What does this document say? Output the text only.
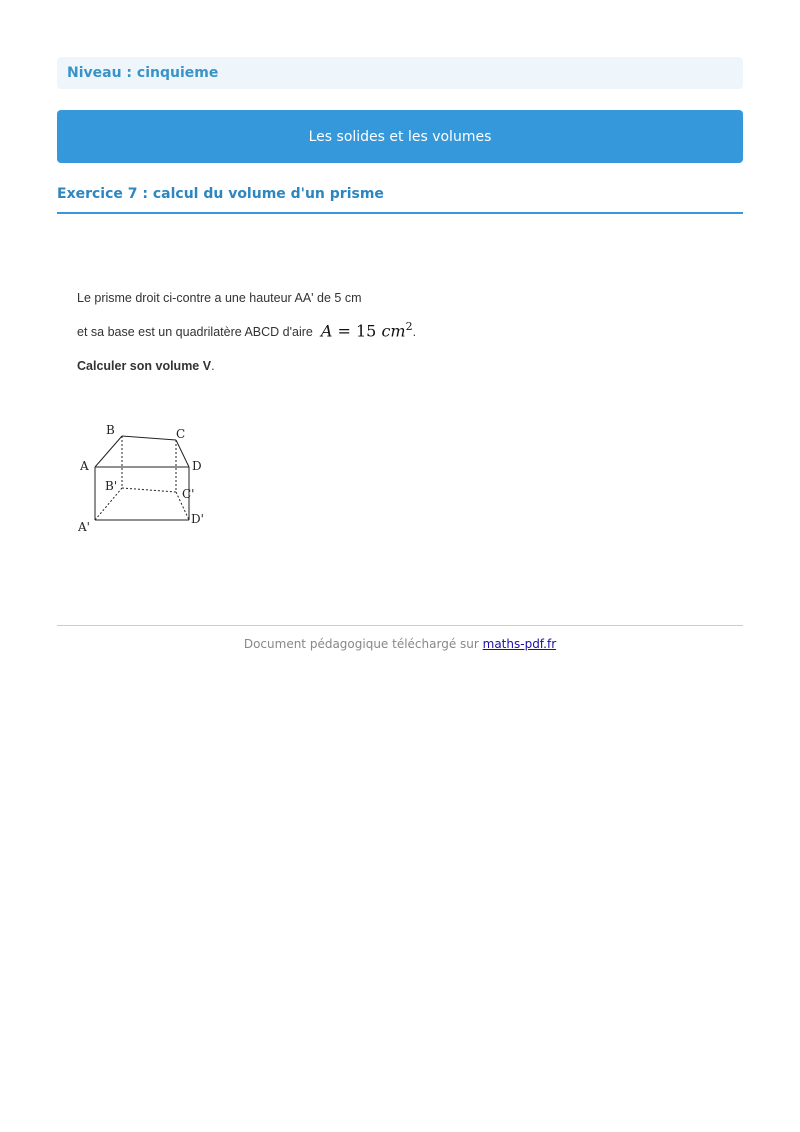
Niveau : cinquieme
Les solides et les volumes
Exercice 7 : calcul du volume d'un prisme
Le prisme droit ci-contre a une hauteur AA' de 5 cm
et sa base est un quadrilatère ABCD d'aire A = 15 $cm^2$ .
Calculer son volume V.
B	C
A	D
B'
C'
D'
A'
Document pédagogique téléchargé sur maths-pdf.fr
